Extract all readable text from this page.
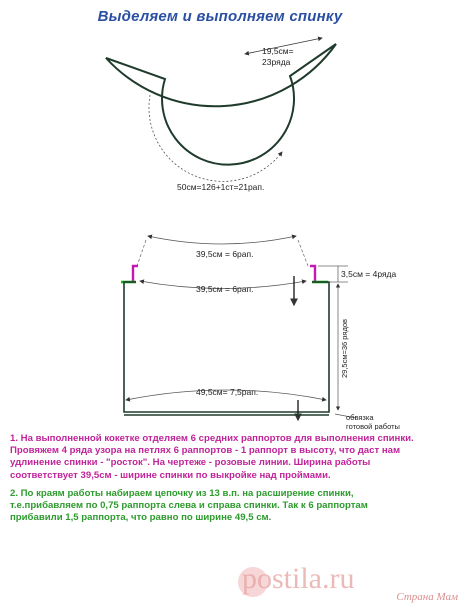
Выделяем и выполняем спинку
19,5см=
23ряда
50см=126+1ст=21рап.
39,5см = 6рап.
39,5см = 6рап.
3,5см = 4ряда
29,5см=36 рядов
49,5см= 7,5рап.
обвязка
готовой работы

1. На выполненной кокетке отделяем 6 средних раппортов для выполнения спинки. Провяжем 4 ряда узора на петлях 6 раппортов - 1 раппорт в высоту, что даст нам удлинение спинки - "росток". На чертеже - розовые линии. Ширина работы соответствует 39,5см - ширине спинки по выкройке над проймами.

2. По краям работы набираем цепочку из 13 в.п. на расширение спинки, т.е.прибавляем по 0,75 раппорта слева и справа спинки. Так к 6 раппортам прибавили 1,5 раппорта, что равно по ширине 49,5 см.

postila.ru
Страна Мам
